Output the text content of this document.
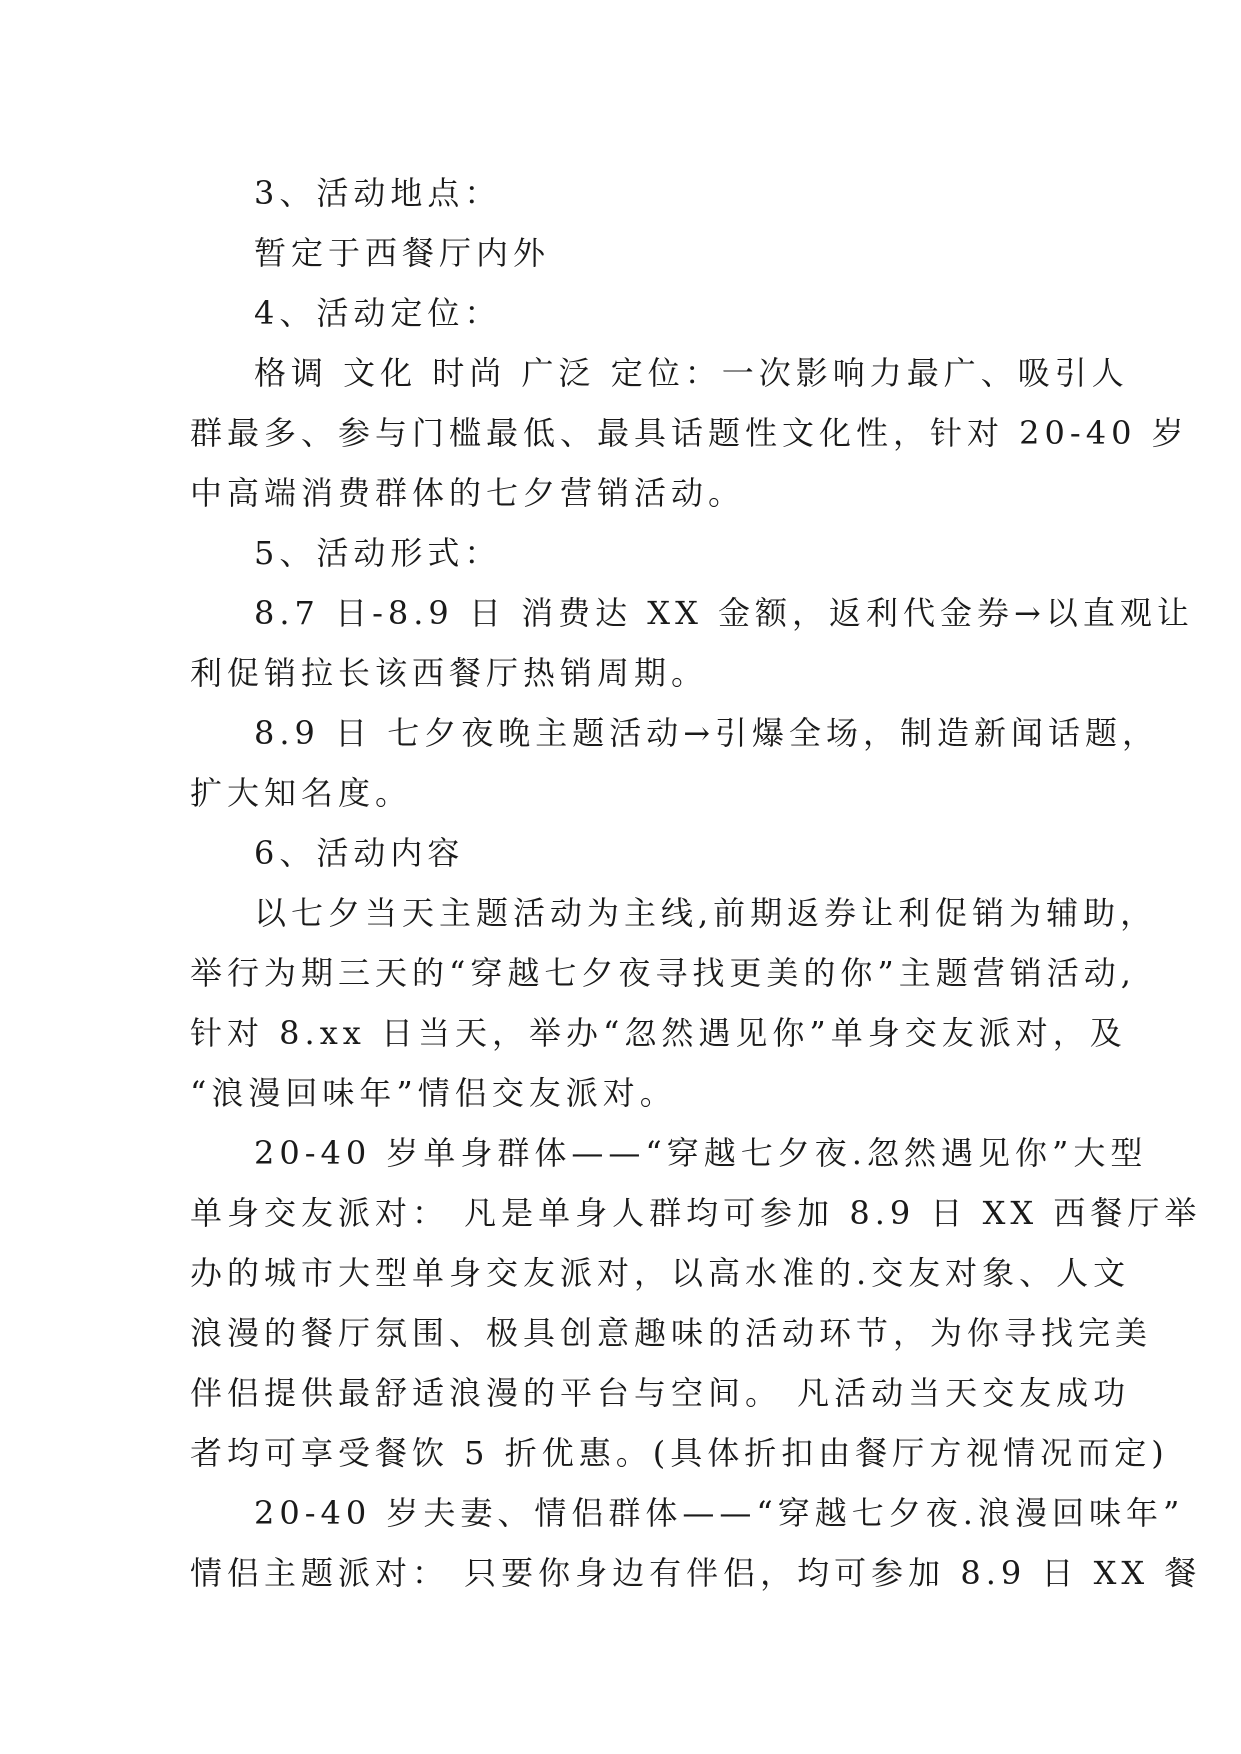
3、活动地点：
暂定于西餐厅内外
4、活动定位：
格调 文化 时尚 广泛 定位：一次影响力最广、吸引人
群最多、参与门槛最低、最具话题性文化性，针对 20-40 岁
中高端消费群体的七夕营销活动。
5、活动形式：
8.7 日-8.9 日 消费达 XX 金额，返利代金券→以直观让
利促销拉长该西餐厅热销周期。
8.9 日 七夕夜晚主题活动→引爆全场，制造新闻话题，
扩大知名度。
6、活动内容
以七夕当天主题活动为主线,前期返券让利促销为辅助，
举行为期三天的“穿越七夕夜寻找更美的你”主题营销活动,
针对 8.xx 日当天，举办“忽然遇见你”单身交友派对，及
“浪漫回味年”情侣交友派对。
20-40 岁单身群体——“穿越七夕夜.忽然遇见你”大型
单身交友派对： 凡是单身人群均可参加 8.9 日 XX 西餐厅举
办的城市大型单身交友派对，以高水准的.交友对象、人文
浪漫的餐厅氛围、极具创意趣味的活动环节，为你寻找完美
伴侣提供最舒适浪漫的平台与空间。 凡活动当天交友成功
者均可享受餐饮 5 折优惠。(具体折扣由餐厅方视情况而定)
20-40 岁夫妻、情侣群体——“穿越七夕夜.浪漫回味年”
情侣主题派对： 只要你身边有伴侣，均可参加 8.9 日 XX 餐
